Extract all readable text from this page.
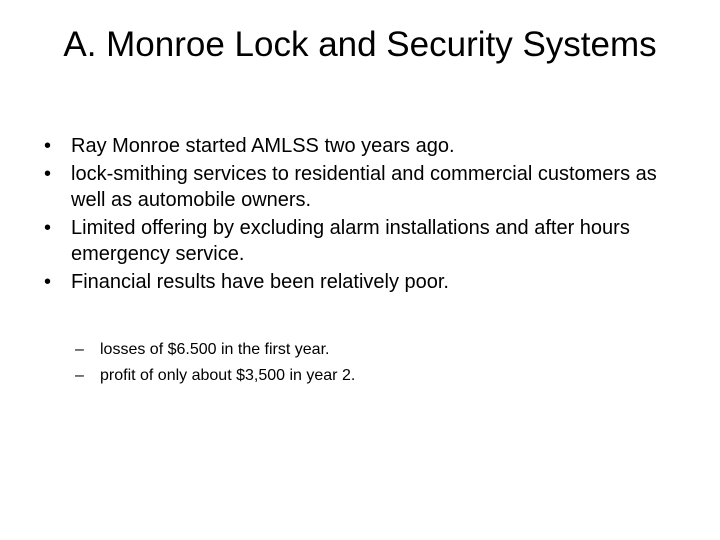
A. Monroe Lock and Security Systems
• Ray Monroe started AMLSS two years ago.
• lock-smithing services to residential and commercial customers as well as automobile owners.
• Limited offering by excluding alarm installations and after hours emergency service.
• Financial results have been relatively poor.
– losses of $6.500 in the first year.
– profit of only about $3,500 in year 2.
